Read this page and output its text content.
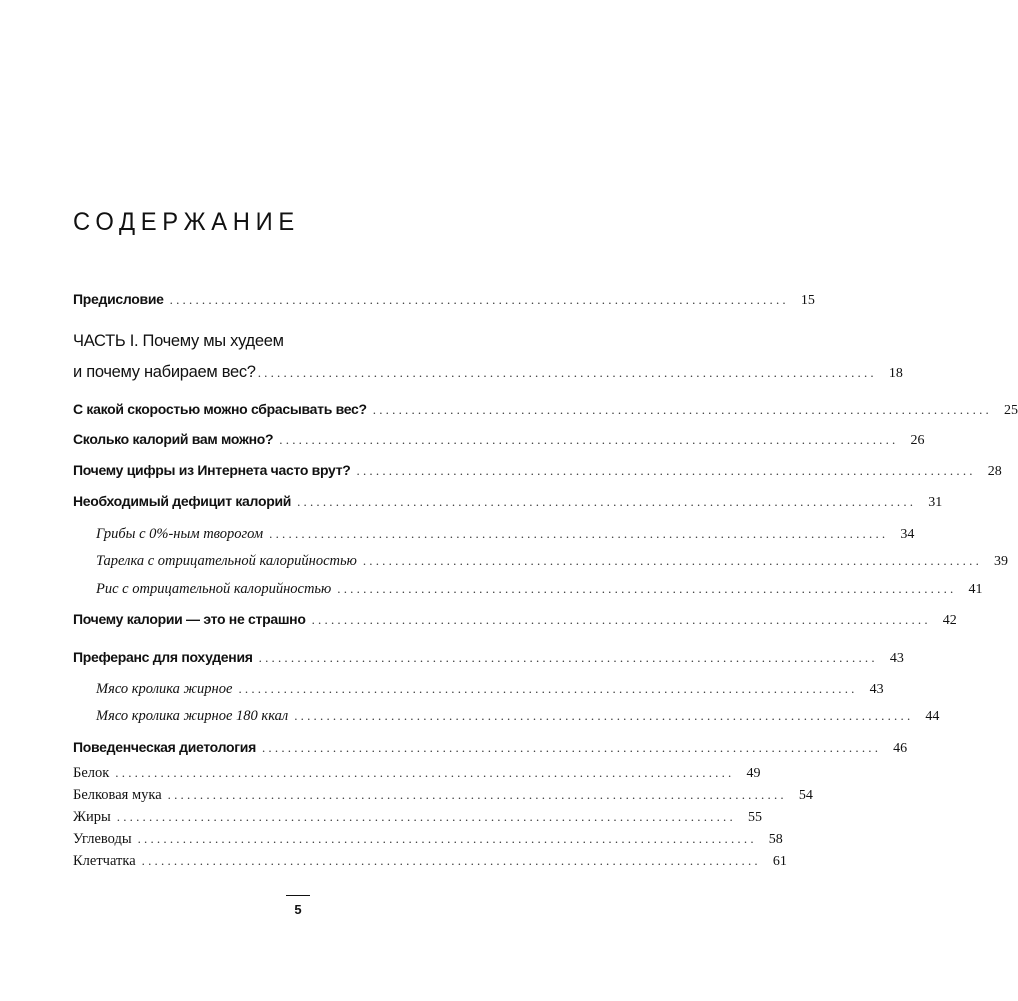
СОДЕРЖАНИЕ
Предисловие ................................................................................................ 15
ЧАСТЬ I. Почему мы худеем
и почему набираем вес? ................................................................................................ 18
С какой скоростью можно сбрасывать вес? ................................................................................................ 25
Сколько калорий вам можно? ................................................................................................ 26
Почему цифры из Интернета часто врут? ................................................................................................ 28
Необходимый дефицит калорий ................................................................................................ 31
Грибы с 0%-ным творогом ................................................................................................ 34
Тарелка с отрицательной калорийностью ................................................................................................ 39
Рис с отрицательной калорийностью ................................................................................................ 41
Почему калории — это не страшно ................................................................................................ 42
Преферанс для похудения ................................................................................................ 43
Мясо кролика жирное ................................................................................................ 43
Мясо кролика жирное 180 ккал ................................................................................................ 44
Поведенческая диетология ................................................................................................ 46
Белок ................................................................................................ 49
Белковая мука ................................................................................................ 54
Жиры ................................................................................................ 55
Углеводы ................................................................................................ 58
Клетчатка ................................................................................................ 61
5
